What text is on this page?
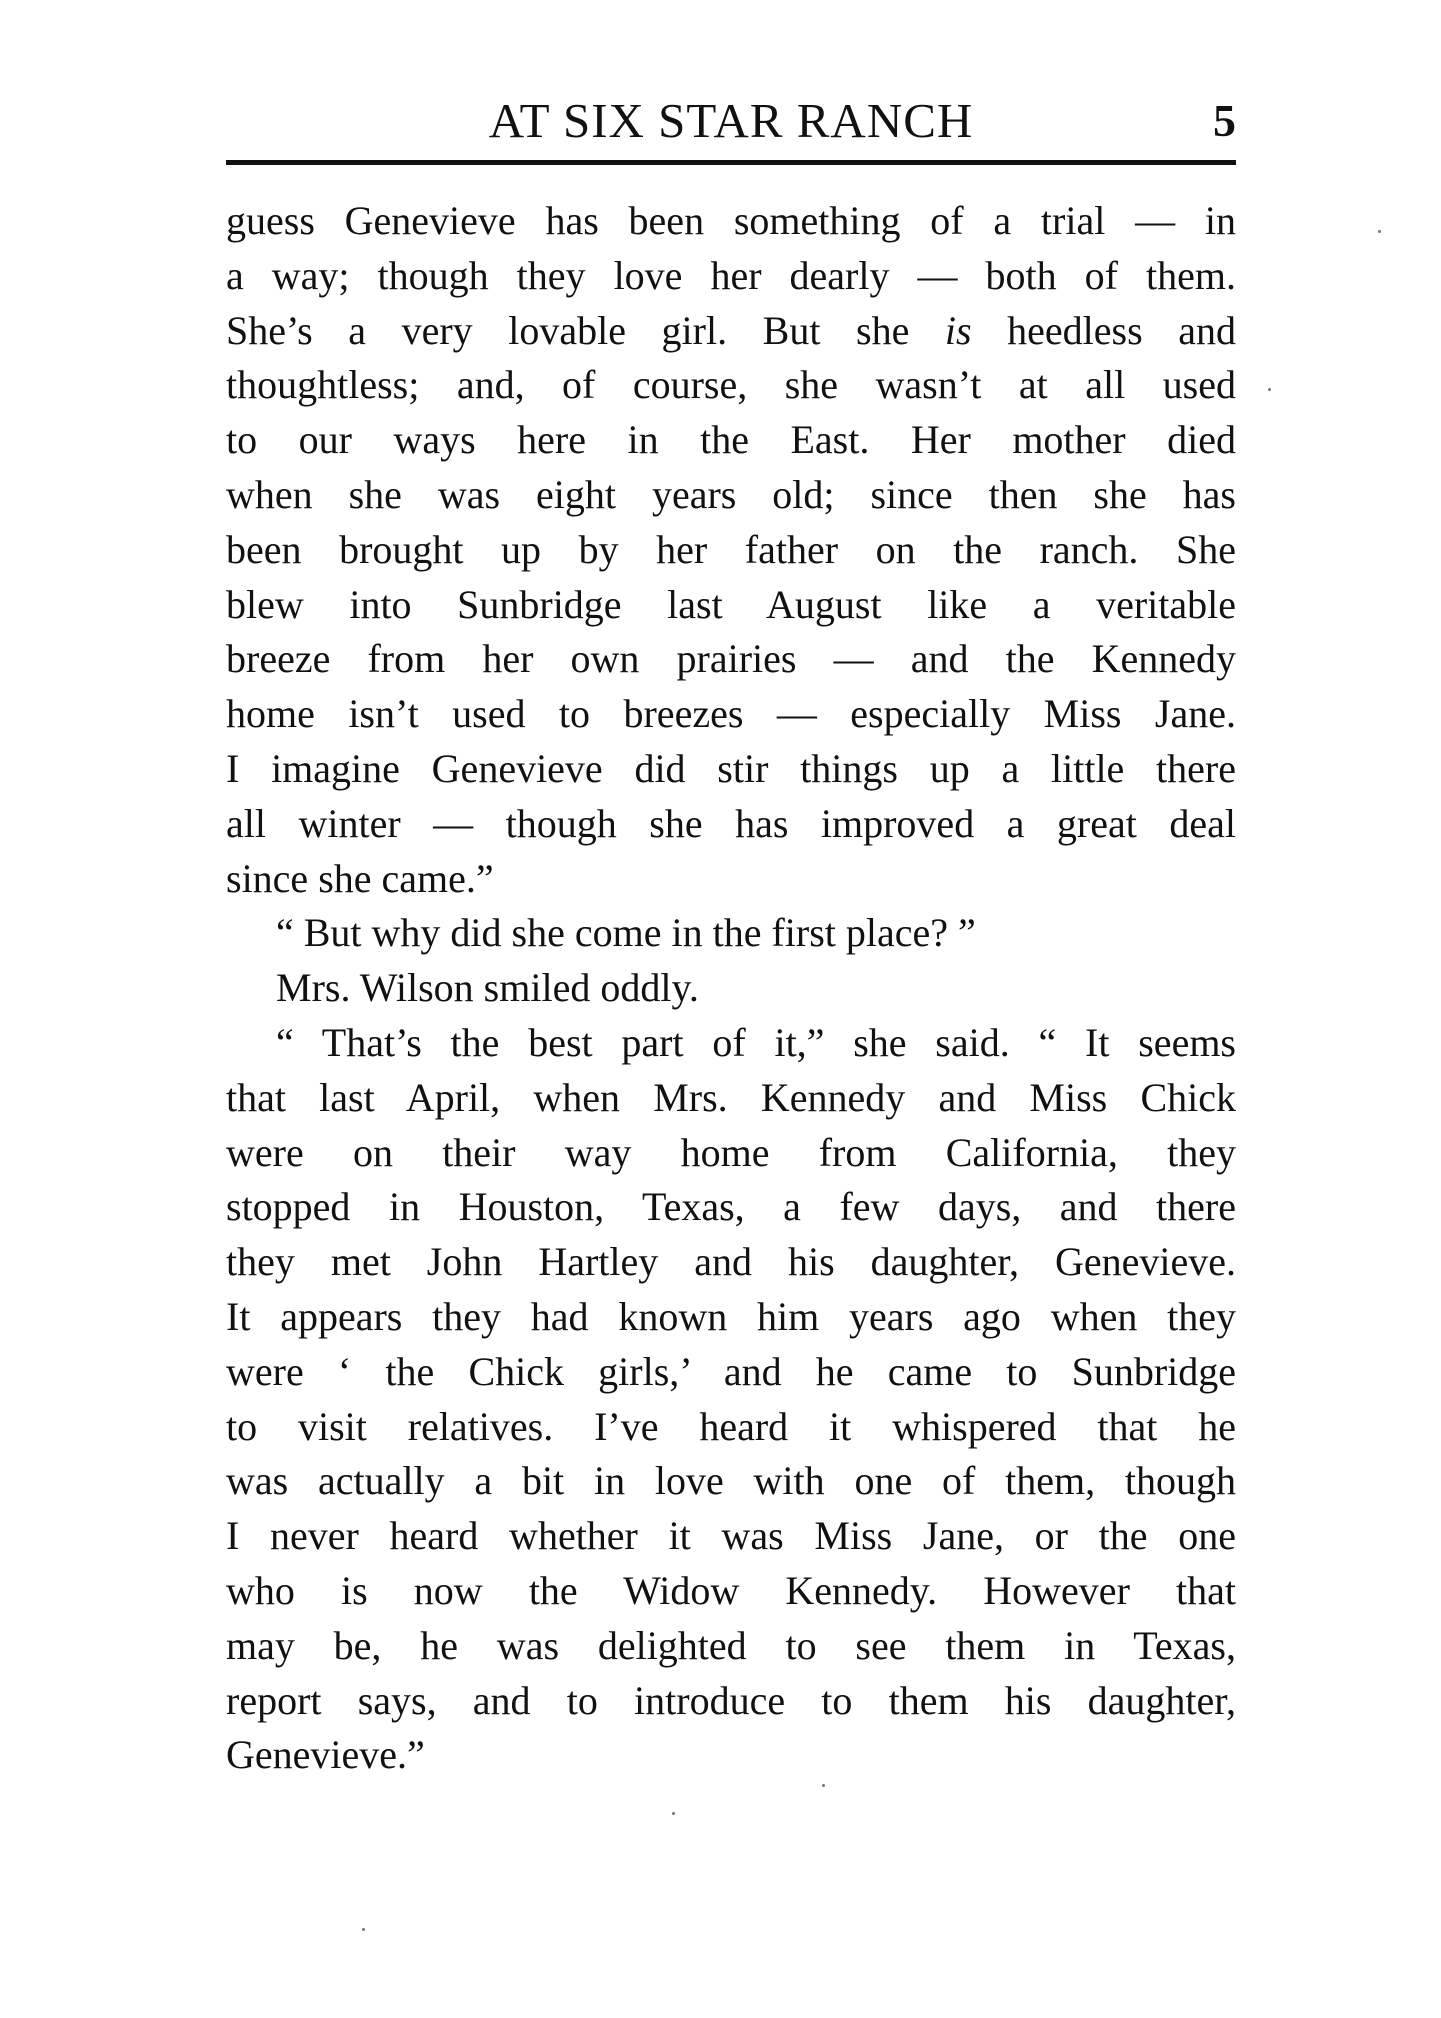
AT SIX STAR RANCH	5
guess Genevieve has been something of a trial — in
a way; though they love her dearly — both of them.
She’s a very lovable girl. But she is heedless and
thoughtless; and, of course, she wasn’t at all used
to our ways here in the East. Her mother died
when she was eight years old; since then she has
been brought up by her father on the ranch. She
blew into Sunbridge last August like a veritable
breeze from her own prairies — and the Kennedy
home isn’t used to breezes — especially Miss Jane.
I imagine Genevieve did stir things up a little there
all winter — though she has improved a great deal
since she came.”
“ But why did she come in the first place? ”
Mrs. Wilson smiled oddly.
“ That’s the best part of it,” she said. “ It seems
that last April, when Mrs. Kennedy and Miss Chick
were on their way home from California, they
stopped in Houston, Texas, a few days, and there
they met John Hartley and his daughter, Genevieve.
It appears they had known him years ago when they
were ‘ the Chick girls,’ and he came to Sunbridge
to visit relatives. I’ve heard it whispered that he
was actually a bit in love with one of them, though
I never heard whether it was Miss Jane, or the one
who is now the Widow Kennedy. However that
may be, he was delighted to see them in Texas,
report says, and to introduce to them his daughter,
Genevieve.”
